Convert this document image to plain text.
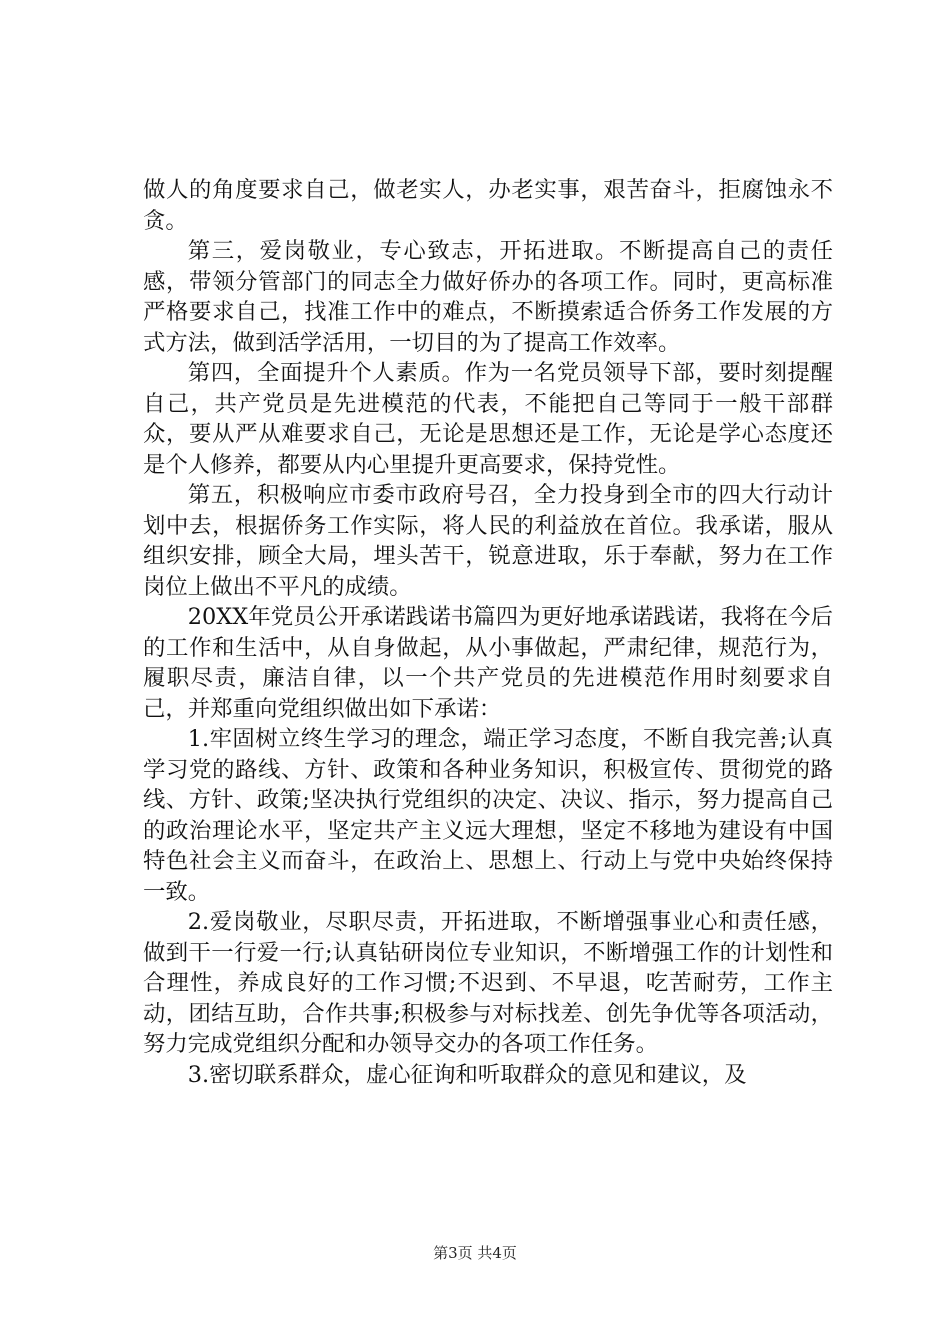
做人的角度要求自己，做老实人，办老实事，艰苦奋斗，拒腐蚀永不贪。

第三，爱岗敬业，专心致志，开拓进取。不断提高自己的责任感，带领分管部门的同志全力做好侨办的各项工作。同时，更高标准严格要求自己，找准工作中的难点，不断摸索适合侨务工作发展的方式方法，做到活学活用，一切目的为了提高工作效率。

第四，全面提升个人素质。作为一名党员领导下部，要时刻提醒自己，共产党员是先进模范的代表，不能把自己等同于一般干部群众，要从严从难要求自己，无论是思想还是工作，无论是学心态度还是个人修养，都要从内心里提升更高要求，保持党性。

第五，积极响应市委市政府号召，全力投身到全市的四大行动计划中去，根据侨务工作实际，将人民的利益放在首位。我承诺，服从组织安排，顾全大局，埋头苦干，锐意进取，乐于奉献，努力在工作岗位上做出不平凡的成绩。

20XX年党员公开承诺践诺书篇四为更好地承诺践诺，我将在今后的工作和生活中，从自身做起，从小事做起，严肃纪律，规范行为，履职尽责，廉洁自律，以一个共产党员的先进模范作用时刻要求自己，并郑重向党组织做出如下承诺：

1.牢固树立终生学习的理念，端正学习态度，不断自我完善;认真学习党的路线、方针、政策和各种业务知识，积极宣传、贯彻党的路线、方针、政策;坚决执行党组织的决定、决议、指示，努力提高自己的政治理论水平，坚定共产主义远大理想，坚定不移地为建设有中国特色社会主义而奋斗，在政治上、思想上、行动上与党中央始终保持一致。

2.爱岗敬业，尽职尽责，开拓进取，不断增强事业心和责任感，做到干一行爱一行;认真钻研岗位专业知识，不断增强工作的计划性和合理性，养成良好的工作习惯;不迟到、不早退，吃苦耐劳，工作主动，团结互助，合作共事;积极参与对标找差、创先争优等各项活动，努力完成党组织分配和办领导交办的各项工作任务。

3.密切联系群众，虚心征询和听取群众的意见和建议，及

第3页 共4页
